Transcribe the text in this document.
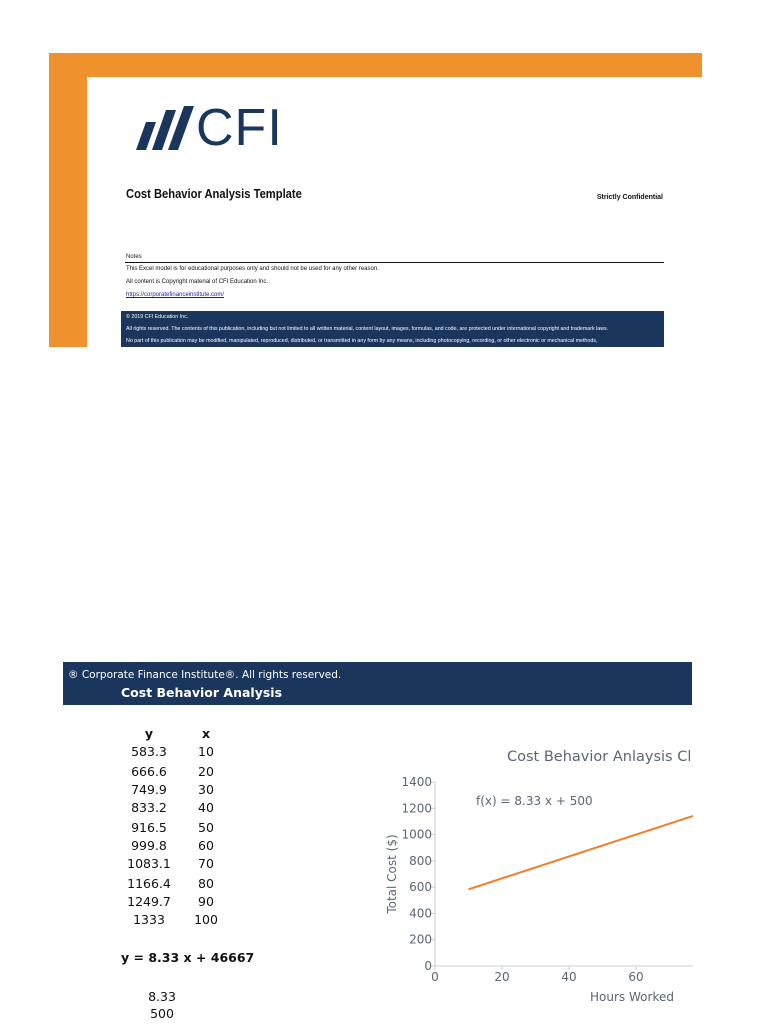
CFI
Cost Behavior Analysis Template	Strictly Confidential
Notes
This Excel model is for educational purposes only and should not be used for any other reason.
All content is Copyright material of CFI Education Inc.
https://corporatefinanceinstitute.com/
© 2019 CFI Education Inc.
All rights reserved. The contents of this publication, including but not limited to all written material, content layout, images, formulas, and code, are protected under international copyright and trademark laws.
No part of this publication may be modified, manipulated, reproduced, distributed, or transmitted in any form by any means, including photocopying, recording, or other electronic or mechanical methods,
® Corporate Finance Institute®. All rights reserved.
Cost Behavior Analysis
y	x
583.3	10
666.6	20
749.9	30
833.2	40
916.5	50
999.8	60
1083.1	70
1166.4	80
1249.7	90
1333	100
y = 8.33 x + 46667
8.33
500
Cost Behavior Anlaysis Cl
0
200
400
600
800
1000
1200
1400
0	20	40	60
f(x) = 8.33 x + 500
Total Cost ($)
Hours Worked
